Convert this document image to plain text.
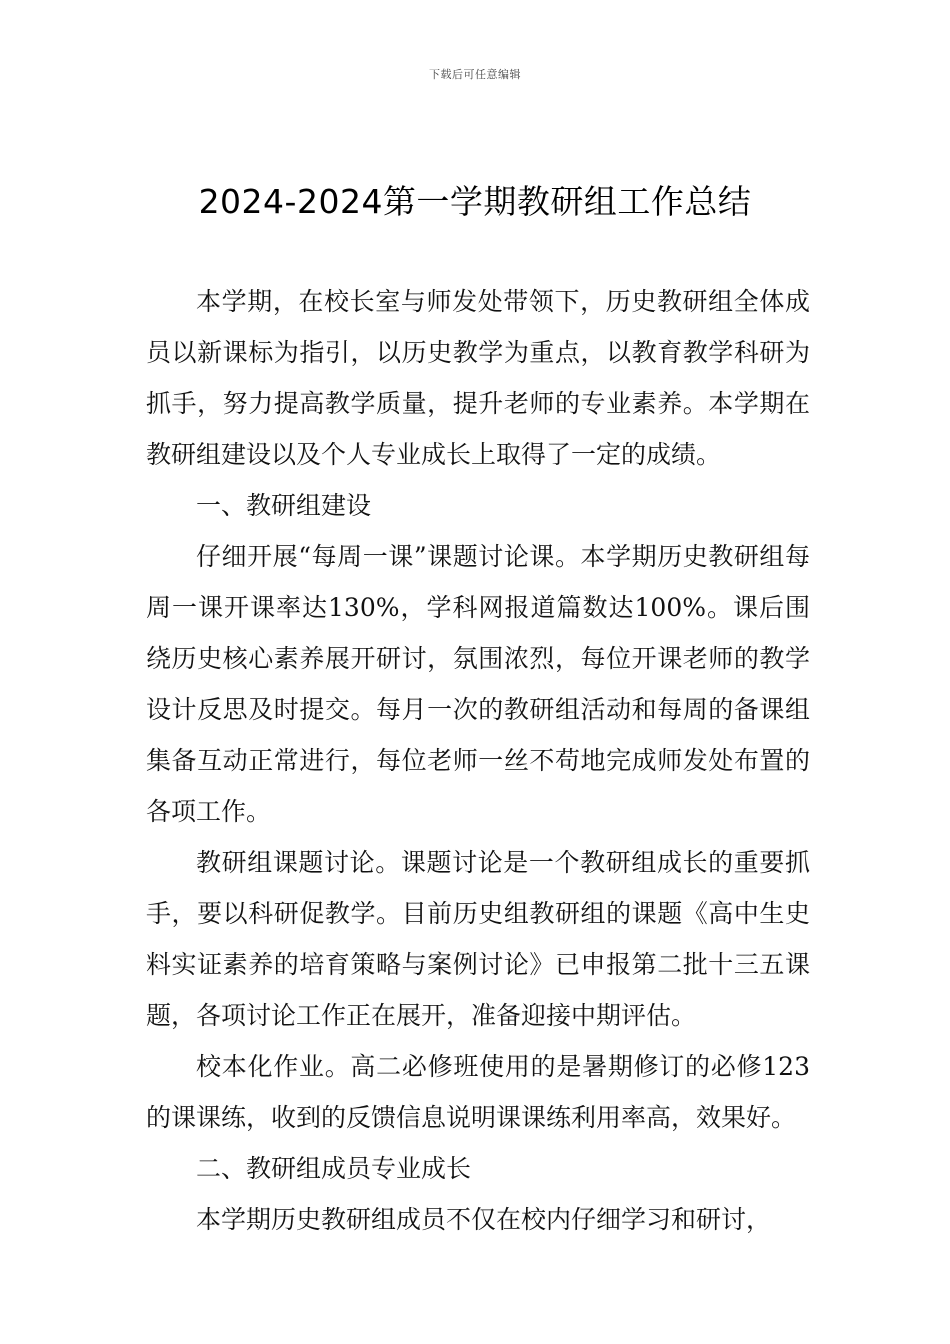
下载后可任意编辑
2024-2024第一学期教研组工作总结

本学期，在校长室与师发处带领下，历史教研组全体成员以新课标为指引，以历史教学为重点，以教育教学科研为抓手，努力提高教学质量，提升老师的专业素养。本学期在教研组建设以及个人专业成长上取得了一定的成绩。

一、教研组建设

仔细开展“每周一课”课题讨论课。本学期历史教研组每周一课开课率达130%，学科网报道篇数达100%。课后围绕历史核心素养展开研讨，氛围浓烈，每位开课老师的教学设计反思及时提交。每月一次的教研组活动和每周的备课组集备互动正常进行，每位老师一丝不苟地完成师发处布置的各项工作。

教研组课题讨论。课题讨论是一个教研组成长的重要抓手，要以科研促教学。目前历史组教研组的课题《高中生史料实证素养的培育策略与案例讨论》已申报第二批十三五课题，各项讨论工作正在展开，准备迎接中期评估。

校本化作业。高二必修班使用的是暑期修订的必修123的课课练，收到的反馈信息说明课课练利用率高，效果好。

二、教研组成员专业成长

本学期历史教研组成员不仅在校内仔细学习和研讨，
